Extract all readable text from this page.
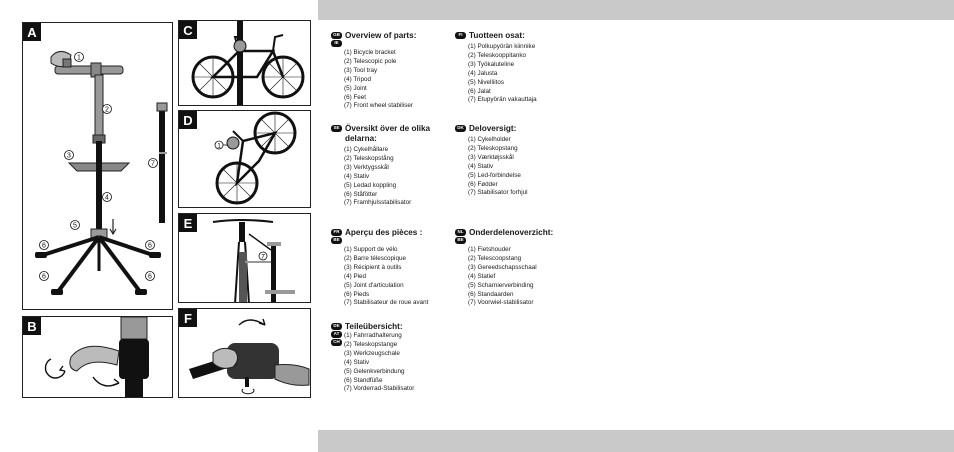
A
1
2
3
4
5
6	6
6	6
7
B
C
D
1
E
7
F
GB
IE
Overview of parts:
(1) Bicycle bracket
(2) Telescopic pole
(3) Tool tray
(4) Tripod
(5) Joint
(6) Feet
(7) Front wheel stabiliser
SE Översikt över de olika delarna:
(1) Cykelhållare
(2) Teleskopstång
(3) Verktygsskål
(4) Stativ
(5) Ledad koppling
(6) Ståfötter
(7) Framhjulsstabilisator
FR
BE
Aperçu des pièces :
(1) Support de vélo
(2) Barre télescopique
(3) Récipient à outils
(4) Pied
(5) Joint d'articulation
(6) Pieds
(7) Stabilisateur de roue avant
DE
AT
CH
Teileübersicht:
(1) Fahrradhalterung
(2) Teleskopstange
(3) Werkzeugschale
(4) Stativ
(5) Gelenkverbindung
(6) Standfüße
(7) Vorderrad-Stabilisator
FI Tuotteen osat:
(1) Polkupyörän kiinnike
(2) Teleskooppitanko
(3) Työkaluteline
(4) Jalusta
(5) Nivelliitos
(6) Jalat
(7) Etupyörän vakauttaja
DK Deloversigt:
(1) Cykelholder
(2) Teleskopstang
(3) Værktøjsskål
(4) Stativ
(5) Led-forbindelse
(6) Fødder
(7) Stabilisator forhjul
NL
BE
Onderdelenoverzicht:
(1) Fietshouder
(2) Telescoopstang
(3) Gereedschapsschaal
(4) Statief
(5) Scharnierverbinding
(6) Standaarden
(7) Voorwiel-stabilisator
